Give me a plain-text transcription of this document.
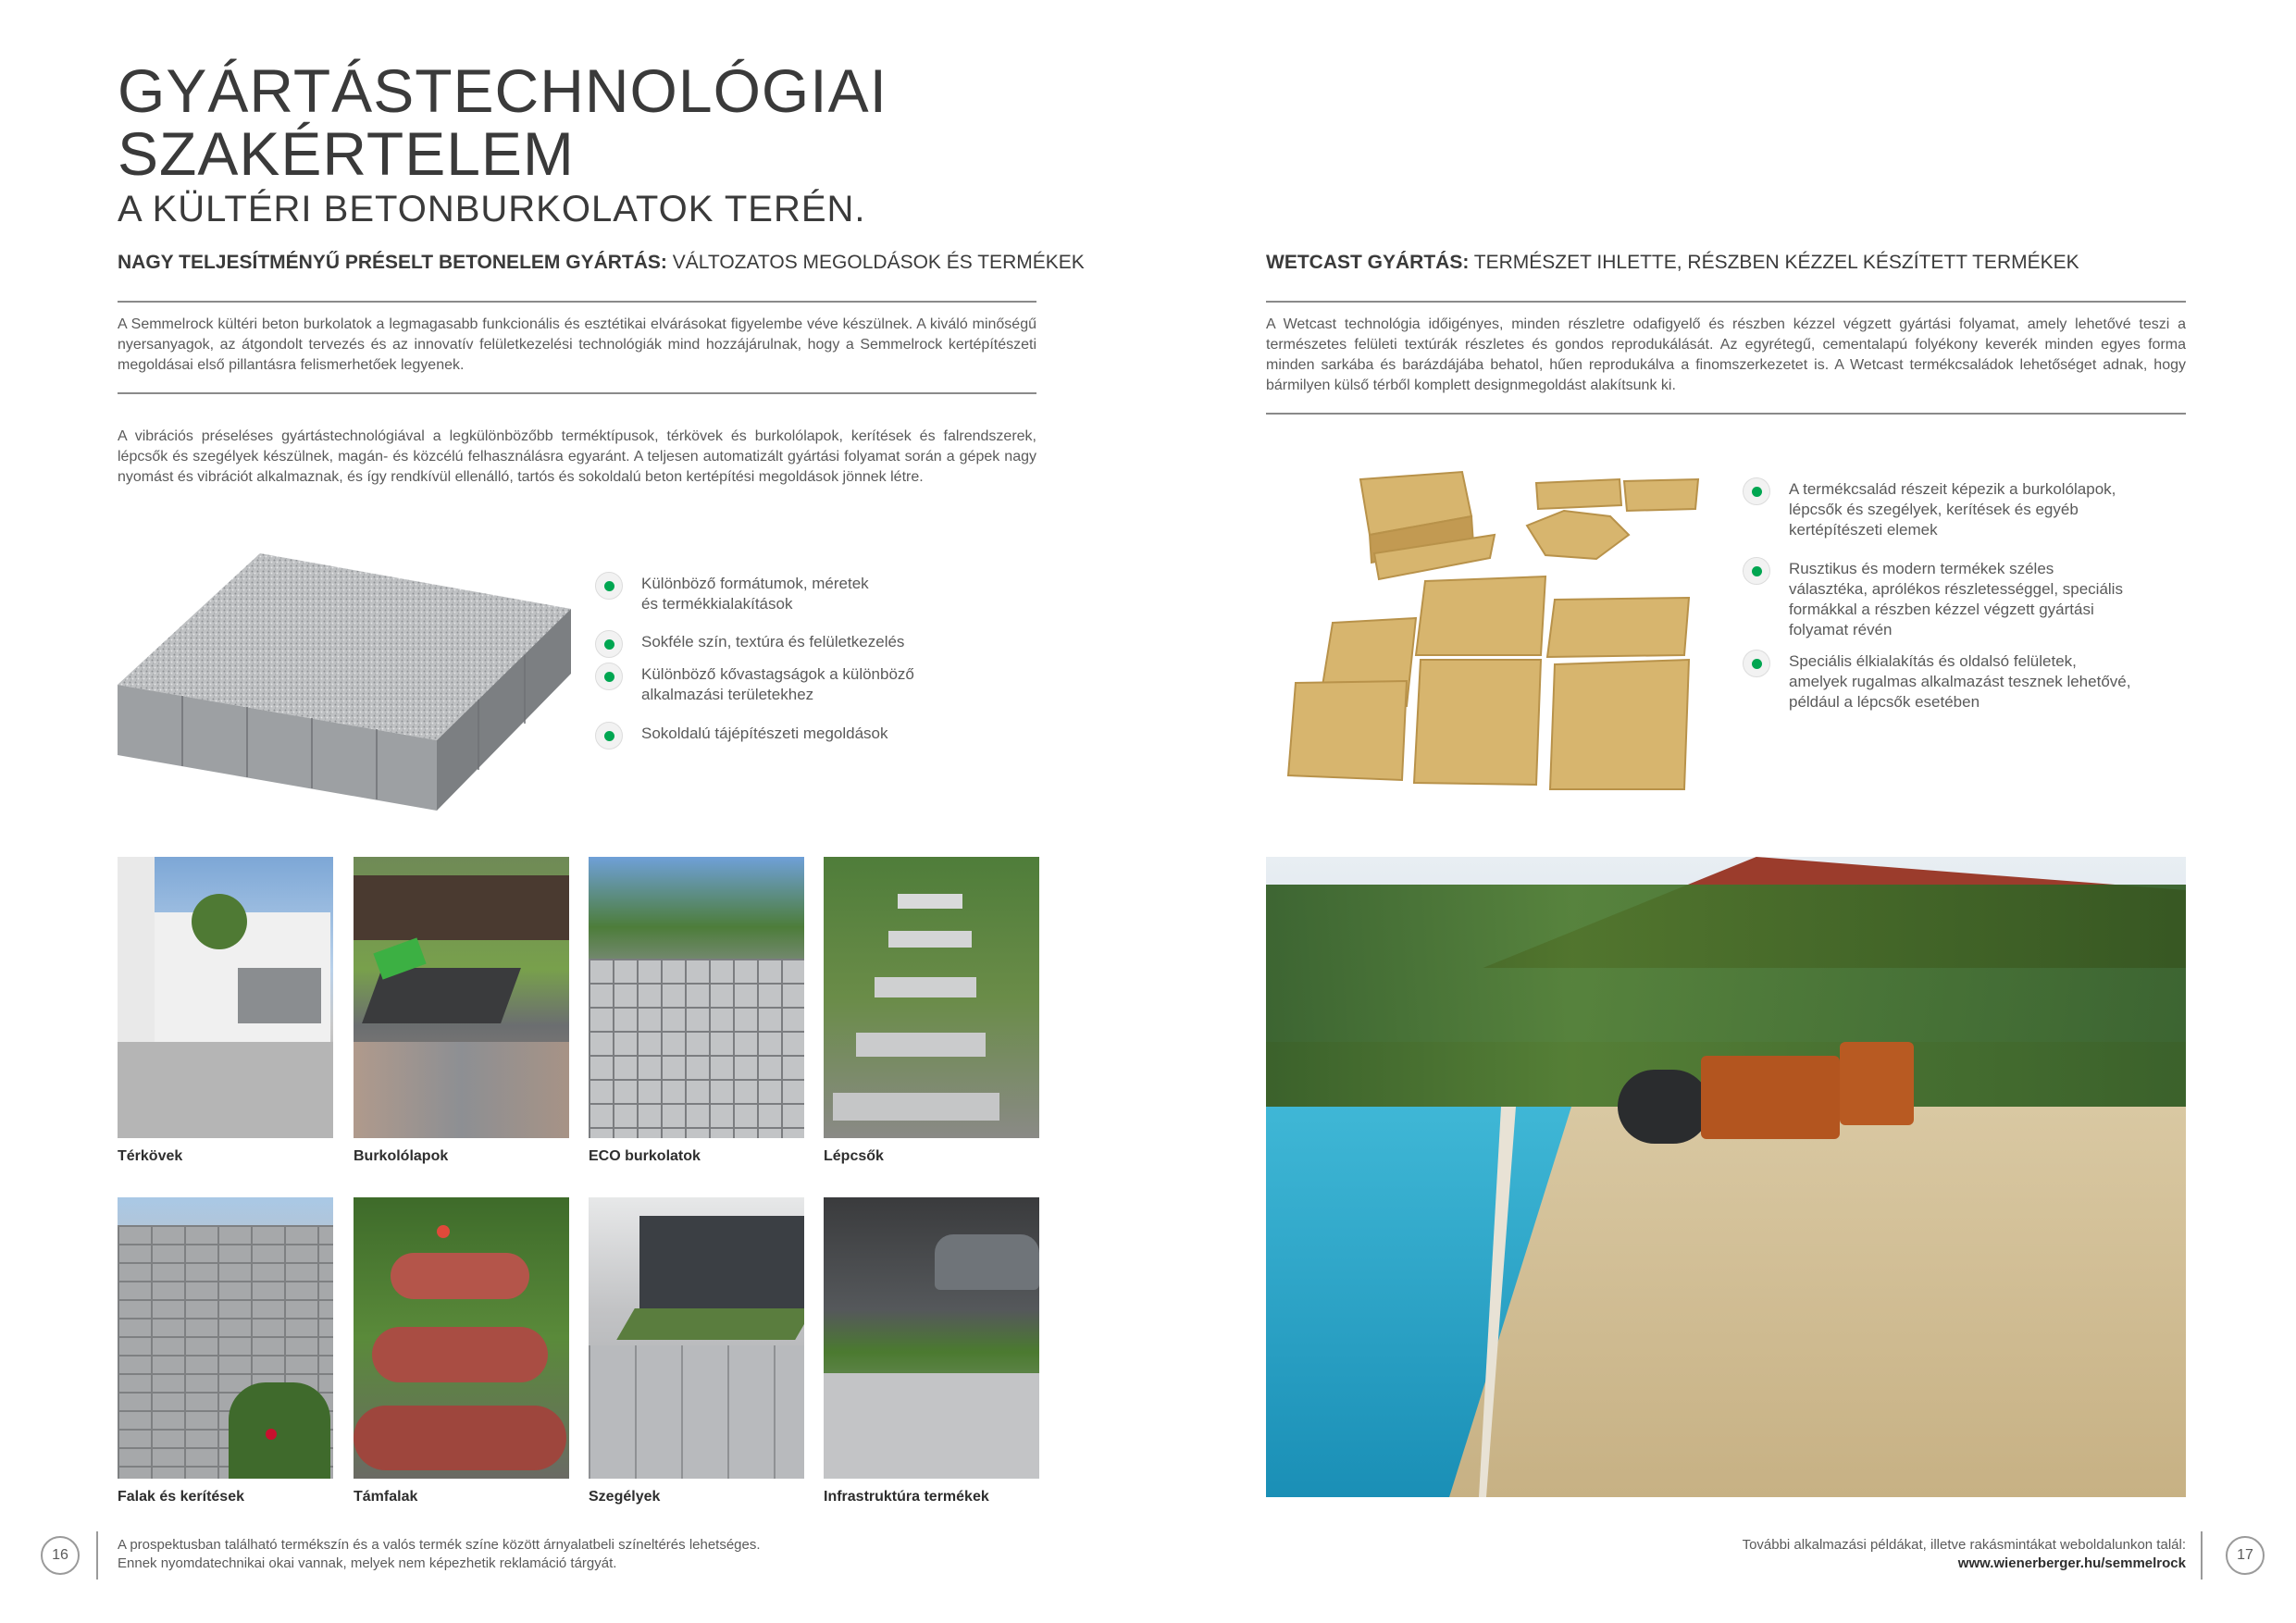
GYÁRTÁSTECHNOLÓGIAI
SZAKÉRTELEM
A KÜLTÉRI BETONBURKOLATOK TERÉN.
NAGY TELJESÍTMÉNYŰ PRÉSELT BETONELEM GYÁRTÁS: VÁLTOZATOS MEGOLDÁSOK ÉS TERMÉKEK

A Semmelrock kültéri beton burkolatok a legmagasabb funkcionális és esztétikai elvárásokat figyelembe véve készülnek. A kiváló minőségű nyersanyagok, az átgondolt tervezés és az innovatív felületkezelési technológiák mind hozzájárulnak, hogy a Semmelrock kertépítészeti megoldásai első pillantásra felismerhetőek legyenek.

A vibrációs préseléses gyártástechnológiával a legkülönbözőbb terméktípusok, térkövek és burkolólapok, kerítések és falrendszerek, lépcsők és szegélyek készülnek, magán- és közcélú felhasználásra egyaránt. A teljesen automatizált gyártási folyamat során a gépek nagy nyomást és vibrációt alkalmaznak, és így rendkívül ellenálló, tartós és sokoldalú beton kertépítési megoldások jönnek létre.

Különböző formátumok, méretek
és termékkialakítások
Sokféle szín, textúra és felületkezelés
Különböző kővastagságok a különböző
alkalmazási területekhez
Sokoldalú tájépítészeti megoldások
Térkövek	Burkolólapok	ECO burkolatok	Lépcsők
Falak és kerítések	Támfalak	Szegélyek	Infrastruktúra termékek
WETCAST GYÁRTÁS: TERMÉSZET IHLETTE, RÉSZBEN KÉZZEL KÉSZÍTETT TERMÉKEK

A Wetcast technológia időigényes, minden részletre odafigyelő és részben kézzel végzett gyártási folyamat, amely lehetővé teszi a természetes felületi textúrák részletes és gondos reprodukálását. Az egyrétegű, cementalapú folyékony keverék minden egyes forma minden sarkába és barázdájába behatol, hűen reprodukálva a finomszerkezetet is. A Wetcast termékcsaládok lehetőséget adnak, hogy bármilyen külső térből komplett designmegoldást alakítsunk ki.

A termékcsalád részeit képezik a burkolólapok,
lépcsők és szegélyek, kerítések és egyéb
kertépítészeti elemek
Rusztikus és modern termékek széles
választéka, aprólékos részletességgel, speciális
formákkal a részben kézzel végzett gyártási
folyamat révén
Speciális élkialakítás és oldalsó felületek,
amelyek rugalmas alkalmazást tesznek lehetővé,
például a lépcsők esetében
16
A prospektusban található termékszín és a valós termék színe között árnyalatbeli színeltérés lehetséges.
Ennek nyomdatechnikai okai vannak, melyek nem képezhetik reklamáció tárgyát.
További alkalmazási példákat, illetve rakásmintákat weboldalunkon talál:
www.wienerberger.hu/semmelrock
17
